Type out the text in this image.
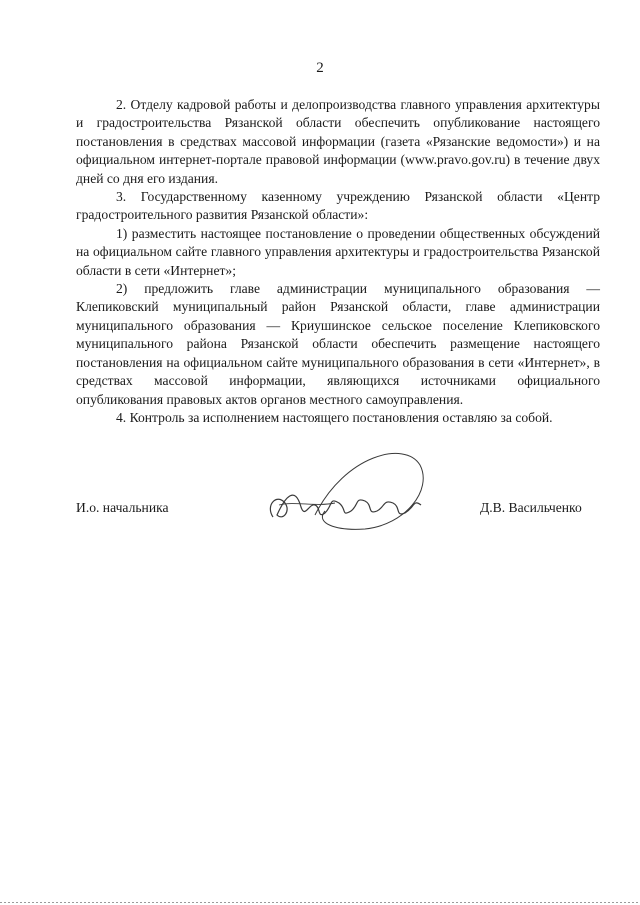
2

2. Отделу кадровой работы и делопроизводства главного управления архитектуры и градостроительства Рязанской области обеспечить опубликование настоящего постановления в средствах массовой информации (газета «Рязанские ведомости») и на официальном интернет-портале правовой информации (www.pravo.gov.ru) в течение двух дней со дня его издания.

3. Государственному казенному учреждению Рязанской области «Центр градостроительного развития Рязанской области»:

1) разместить настоящее постановление о проведении общественных обсуждений на официальном сайте главного управления архитектуры и градостроительства Рязанской области в сети «Интернет»;

2) предложить главе администрации муниципального образования — Клепиковский муниципальный район Рязанской области, главе администрации муниципального образования — Криушинское сельское поселение Клепиковского муниципального района Рязанской области обеспечить размещение настоящего постановления на официальном сайте муниципального образования в сети «Интернет», в средствах массовой информации, являющихся источниками официального опубликования правовых актов органов местного самоуправления.

4. Контроль за исполнением настоящего постановления оставляю за собой.

И.о. начальника	Д.В. Васильченко
